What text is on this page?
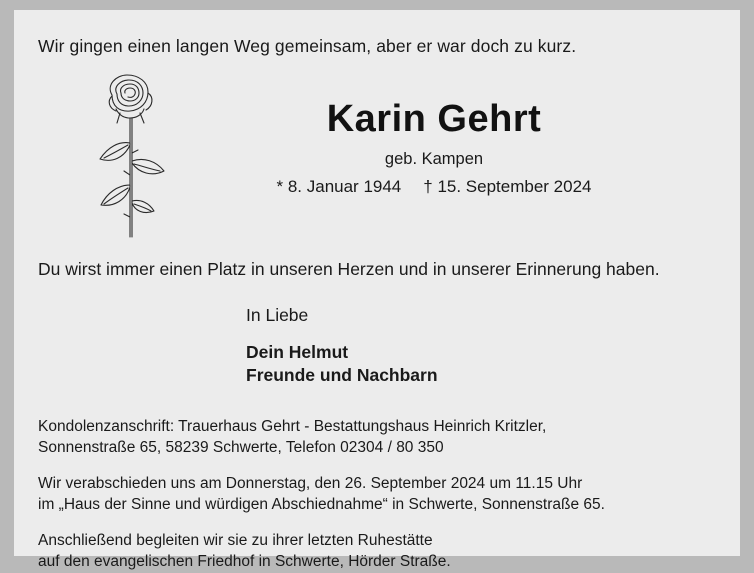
Wir gingen einen langen Weg gemeinsam, aber er war doch zu kurz.
Karin Gehrt
geb. Kampen
* 8. Januar 1944 † 15. September 2024
Du wirst immer einen Platz in unseren Herzen und in unserer Erinnerung haben.
In Liebe
Dein Helmut
Freunde und Nachbarn

Kondolenzanschrift: Trauerhaus Gehrt - Bestattungshaus Heinrich Kritzler,
Sonnenstraße 65, 58239 Schwerte, Telefon 02304 / 80 350

Wir verabschieden uns am Donnerstag, den 26. September 2024 um 11.15 Uhr
im „Haus der Sinne und würdigen Abschiednahme“ in Schwerte, Sonnenstraße 65.

Anschließend begleiten wir sie zu ihrer letzten Ruhestätte
auf den evangelischen Friedhof in Schwerte, Hörder Straße.
